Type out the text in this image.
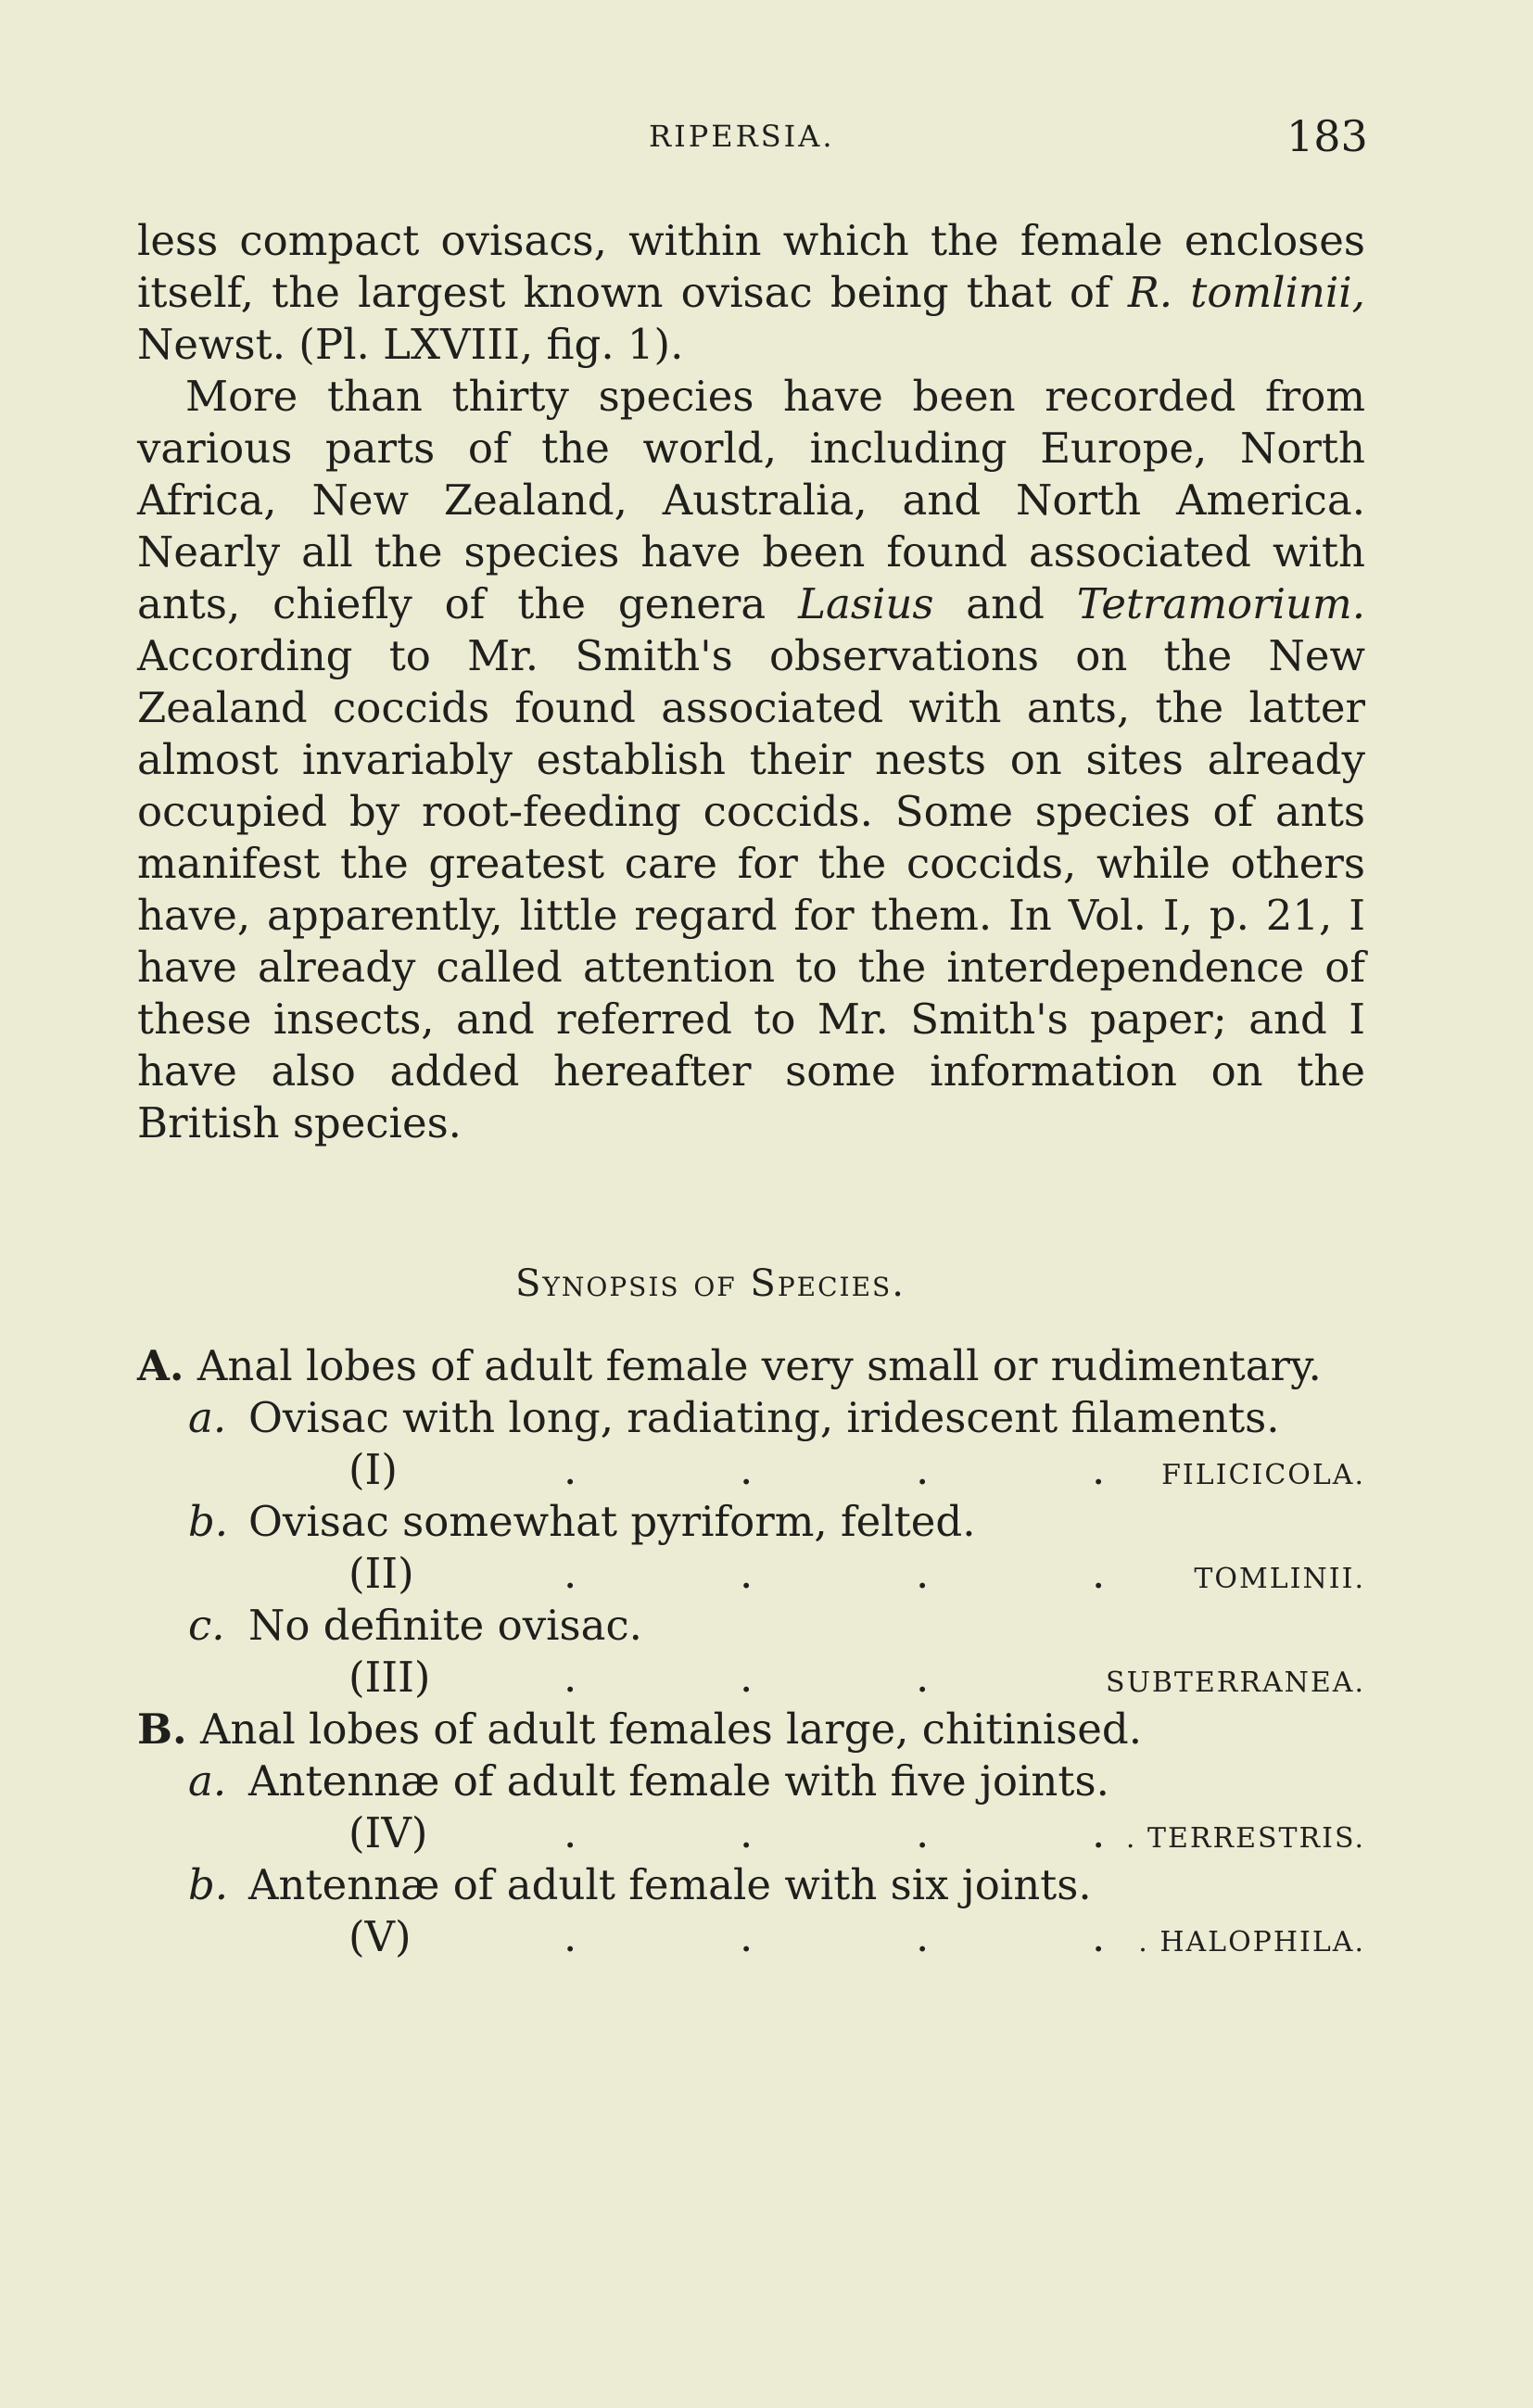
RIPERSIA.	183

less compact ovisacs, within which the female encloses itself, the largest known ovisac being that of R. tomlinii, Newst. (Pl. LXVIII, fig. 1).

More than thirty species have been recorded from various parts of the world, including Europe, North Africa, New Zealand, Australia, and North America. Nearly all the species have been found associated with ants, chiefly of the genera Lasius and Tetramorium. According to Mr. Smith's observations on the New Zealand coccids found associated with ants, the latter almost invariably establish their nests on sites already occupied by root-feeding coccids. Some species of ants manifest the greatest care for the coccids, while others have, apparently, little regard for them. In Vol. I, p. 21, I have already called attention to the interdependence of these insects, and referred to Mr. Smith's paper; and I have also added hereafter some information on the British species.

Synopsis of Species.
A. Anal lobes of adult female very small or rudimentary.
a. Ovisac with long, radiating, iridescent filaments.
(I)	.	.	.	.	FILICICOLA.
b. Ovisac somewhat pyriform, felted.
(II)	.	.	.	.	TOMLINII.
c. No definite ovisac.
(III)	.	.	.	SUBTERRANEA.
B. Anal lobes of adult females large, chitinised.
a. Antennæ of adult female with five joints.
(IV)	.	.	.	. . TERRESTRIS.
b. Antennæ of adult female with six joints.
(V)	.	.	.	.	. HALOPHILA.
